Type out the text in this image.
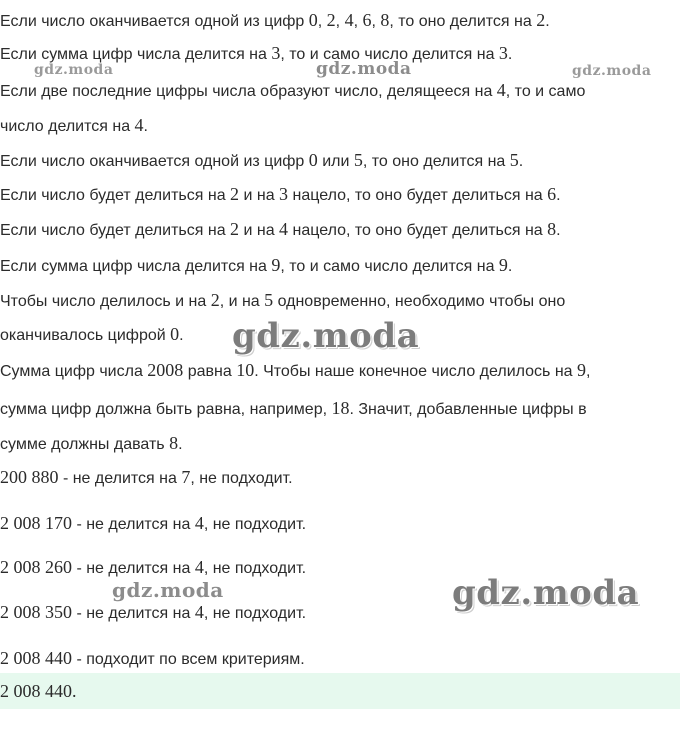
Если число оканчивается одной из цифр 0, 2, 4, 6, 8, то оно делится на 2.
Если сумма цифр числа делится на 3, то и само число делится на 3.
Если две последние цифры числа образуют число, делящееся на 4, то и само
число делится на 4.
Если число оканчивается одной из цифр 0 или 5, то оно делится на 5.
Если число будет делиться на 2 и на 3 нацело, то оно будет делиться на 6.
Если число будет делиться на 2 и на 4 нацело, то оно будет делиться на 8.
Если сумма цифр числа делится на 9, то и само число делится на 9.
Чтобы число делилось и на 2, и на 5 одновременно, необходимо чтобы оно
оканчивалось цифрой 0.
Сумма цифр числа 2008 равна 10. Чтобы наше конечное число делилось на 9,
сумма цифр должна быть равна, например, 18. Значит, добавленные цифры в
сумме должны давать 8.
200 880 - не делится на 7, не подходит.
2 008 170 - не делится на 4, не подходит.
2 008 260 - не делится на 4, не подходит.
2 008 350 - не делится на 4, не подходит.
2 008 440 - подходит по всем критериям.
2 008 440.
gdz.moda	gdz.moda	gdz.moda
gdz.moda
gdz.moda	gdz.moda
